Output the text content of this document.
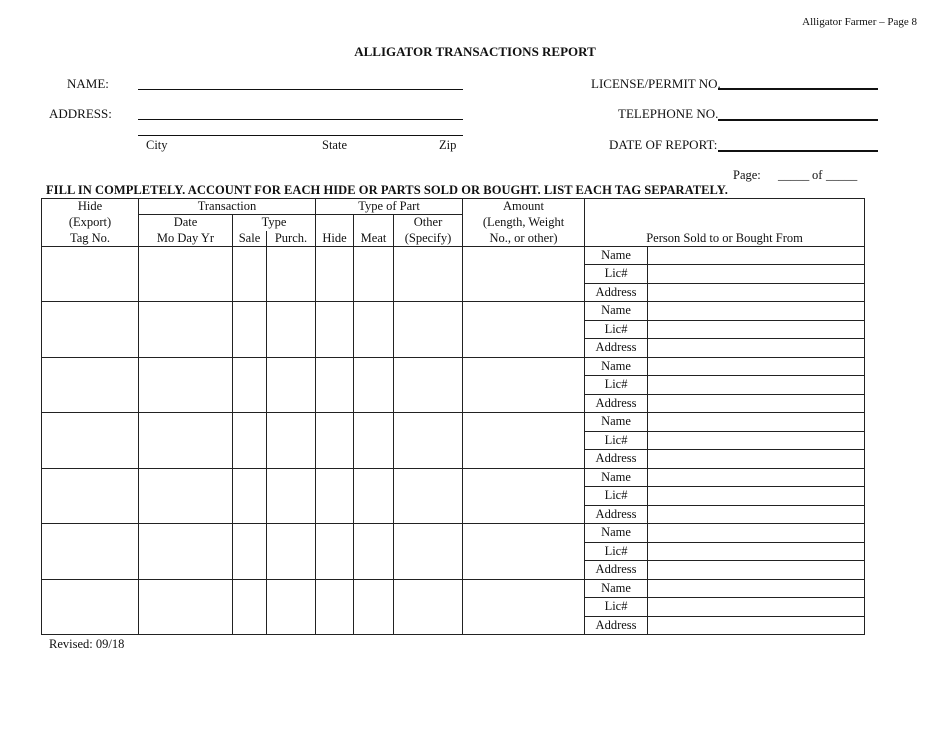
Alligator Farmer – Page 8
ALLIGATOR TRANSACTIONS REPORT
NAME:
ADDRESS:
City	State	Zip
LICENSE/PERMIT NO.
TELEPHONE NO.
DATE OF REPORT:
Page: _____ of _____
FILL IN COMPLETELY. ACCOUNT FOR EACH HIDE OR PARTS SOLD OR BOUGHT. LIST EACH TAG SEPARATELY.
Hide	Transaction			Type of Part			Amount		
(Export)	Date	Type				Other	(Length, Weight		
Tag No.	Mo Day Yr	Sale	Purch.	Hide	Meat	(Specify)	No., or other)	Person Sold to or Bought From	
								Name	
								Lic#	
								Address	
								Name	
								Lic#	
								Address	
								Name	
								Lic#	
								Address	
								Name	
								Lic#	
								Address	
								Name	
								Lic#	
								Address	
								Name	
								Lic#	
								Address	
								Name	
								Lic#	
								Address	
Revised: 09/18
